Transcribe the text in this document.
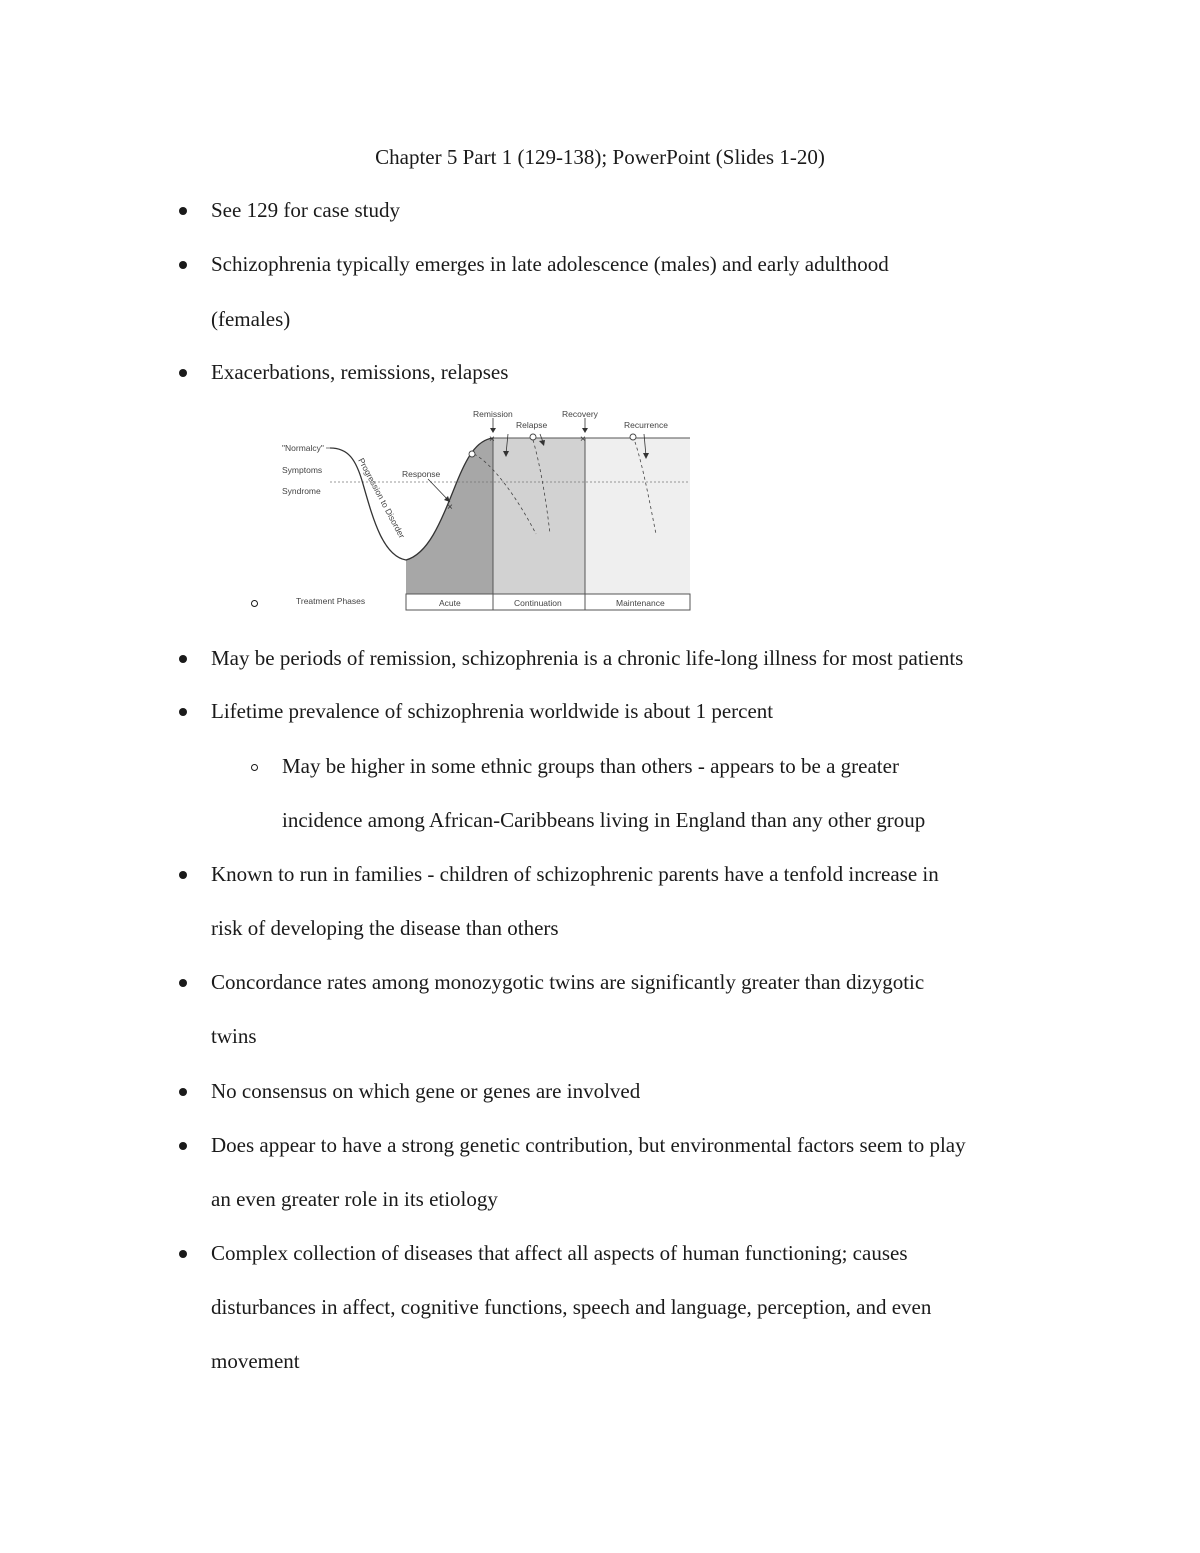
Chapter 5 Part 1 (129-138); PowerPoint (Slides 1-20)
See 129 for case study
Schizophrenia typically emerges in late adolescence (males) and early adulthood
(females)
Exacerbations, remissions, relapses
×
×	×
"Normalcy"
Symptoms
Syndrome	Progression to Disorder
Response
Remission
Relapse
Recovery
Recurrence
Treatment Phases	Acute	Continuation	Maintenance
May be periods of remission, schizophrenia is a chronic life-long illness for most patients
Lifetime prevalence of schizophrenia worldwide is about 1 percent
May be higher in some ethnic groups than others - appears to be a greater
incidence among African-Caribbeans living in England than any other group
Known to run in families - children of schizophrenic parents have a tenfold increase in
risk of developing the disease than others
Concordance rates among monozygotic twins are significantly greater than dizygotic
twins
No consensus on which gene or genes are involved
Does appear to have a strong genetic contribution, but environmental factors seem to play
an even greater role in its etiology
Complex collection of diseases that affect all aspects of human functioning; causes
disturbances in affect, cognitive functions, speech and language, perception, and even
movement
